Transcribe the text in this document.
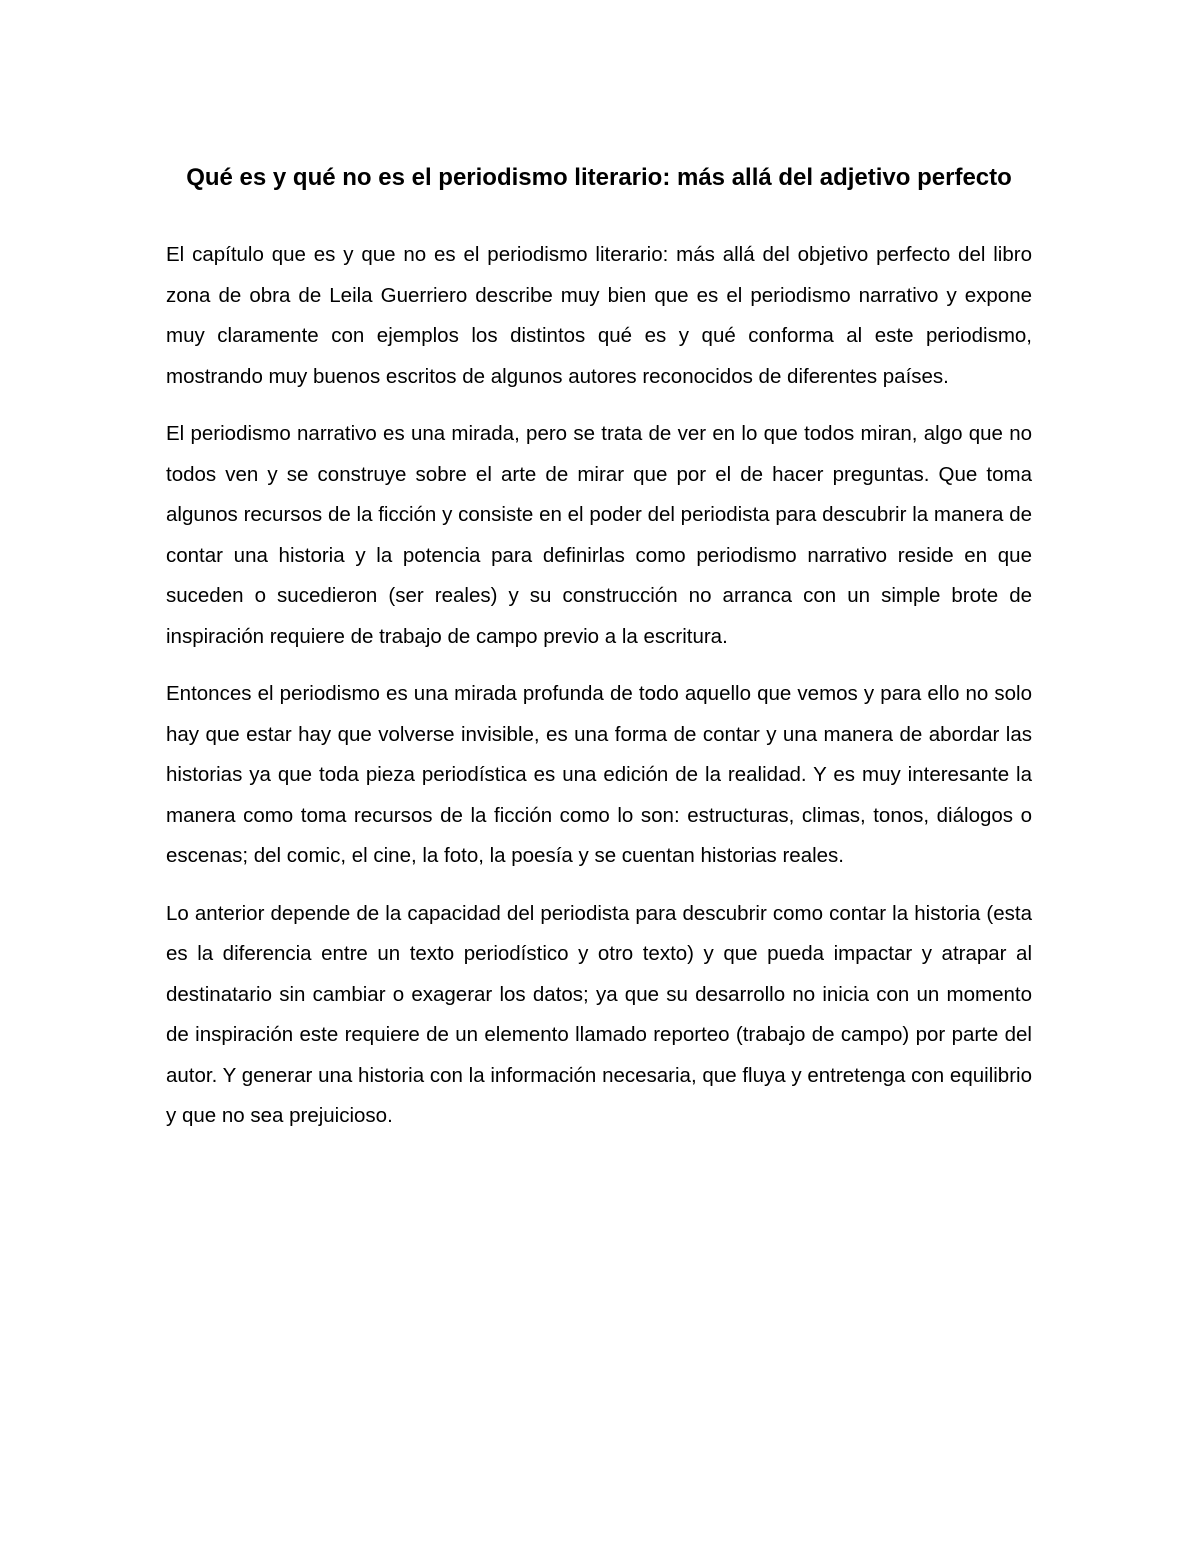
Qué es y qué no es el periodismo literario: más allá del adjetivo perfecto

El capítulo que es y que no es el periodismo literario: más allá del objetivo perfecto del libro zona de obra de Leila Guerriero describe muy bien que es el periodismo narrativo y expone muy claramente con ejemplos los distintos qué es y qué conforma al este periodismo, mostrando muy buenos escritos de algunos autores reconocidos de diferentes países.

El periodismo narrativo es una mirada, pero se trata de ver en lo que todos miran, algo que no todos ven y se construye sobre el arte de mirar que por el de hacer preguntas. Que toma algunos recursos de la ficción y consiste en el poder del periodista para descubrir la manera de contar una historia y la potencia para definirlas como periodismo narrativo reside en que suceden o sucedieron (ser reales) y su construcción no arranca con un simple brote de inspiración requiere de trabajo de campo previo a la escritura.

Entonces el periodismo es una mirada profunda de todo aquello que vemos y para ello no solo hay que estar hay que volverse invisible, es una forma de contar y una manera de abordar las historias ya que toda pieza periodística es una edición de la realidad. Y es muy interesante la manera como toma recursos de la ficción como lo son: estructuras, climas, tonos, diálogos o escenas; del comic, el cine, la foto, la poesía y se cuentan historias reales.

Lo anterior depende de la capacidad del periodista para descubrir como contar la historia (esta es la diferencia entre un texto periodístico y otro texto) y que pueda impactar y atrapar al destinatario sin cambiar o exagerar los datos; ya que su desarrollo no inicia con un momento de inspiración este requiere de un elemento llamado reporteo (trabajo de campo) por parte del autor. Y generar una historia con la información necesaria, que fluya y entretenga con equilibrio y que no sea prejuicioso.
